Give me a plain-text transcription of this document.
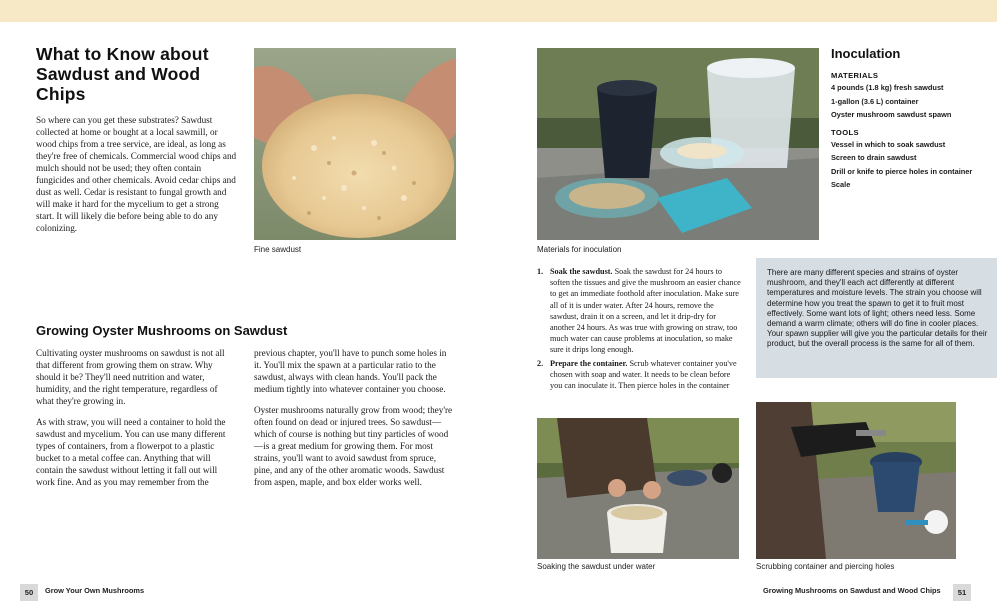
What to Know about Sawdust and Wood Chips

So where can you get these substrates? Sawdust collected at home or bought at a local sawmill, or wood chips from a tree service, are ideal, as long as they're free of chemicals. Commercial wood chips and mulch should not be used; they often contain fungicides and other chemicals. Avoid cedar chips and dust as well. Cedar is resistant to fungal growth and will make it hard for the mycelium to get a strong start. It will likely die before being able to do any colonizing.

Fine sawdust
Growing Oyster Mushrooms on Sawdust

Cultivating oyster mushrooms on sawdust is not all that different from growing them on straw. Why should it be? They'll need nutrition and water, humidity, and the right temperature, regardless of what they're growing in.

As with straw, you will need a container to hold the sawdust and mycelium. You can use many different types of containers, from a flowerpot to a plastic bucket to a metal coffee can. Anything that will contain the sawdust without letting it fall out will work fine. And as you may remember from the

previous chapter, you'll have to punch some holes in it. You'll mix the spawn at a particular ratio to the sawdust, always with clean hands. You'll pack the medium tightly into whatever container you choose.

Oyster mushrooms naturally grow from wood; they're often found on dead or injured trees. So sawdust—which of course is nothing but tiny particles of wood—is a great medium for growing them. For most strains, you'll want to avoid sawdust from spruce, pine, and any of the other aromatic woods. Sawdust from aspen, maple, and box elder works well.

50	Grow Your Own Mushrooms
Materials for inoculation
Inoculation

MATERIALS

4 pounds (1.8 kg) fresh sawdust

1-gallon (3.6 L) container

Oyster mushroom sawdust spawn

TOOLS

Vessel in which to soak sawdust

Screen to drain sawdust

Drill or knife to pierce holes in container

Scale

1. Soak the sawdust. Soak the sawdust for 24 hours to soften the tissues and give the mushroom an easier chance to get an immediate foothold after inoculation. Make sure all of it is under water. After 24 hours, remove the sawdust, drain it on a screen, and let it drip-dry for another 24 hours. As was true with growing on straw, too much water can cause problems at inoculation, so make sure it drips long enough.
2. Prepare the container. Scrub whatever container you've chosen with soap and water. It needs to be clean before you can inoculate it. Then pierce holes in the container

There are many different species and strains of oyster mushroom, and they'll each act differently at different temperatures and moisture levels. The strain you choose will determine how you treat the spawn to get it to fruit most effectively. Some want lots of light; others need less. Some demand a warm climate; others will do fine in cooler places. Your spawn supplier will give you the particular details for their product, but the overall process is the same for all of them.

Soaking the sawdust under water	Scrubbing container and piercing holes
Growing Mushrooms on Sawdust and Wood Chips	51
